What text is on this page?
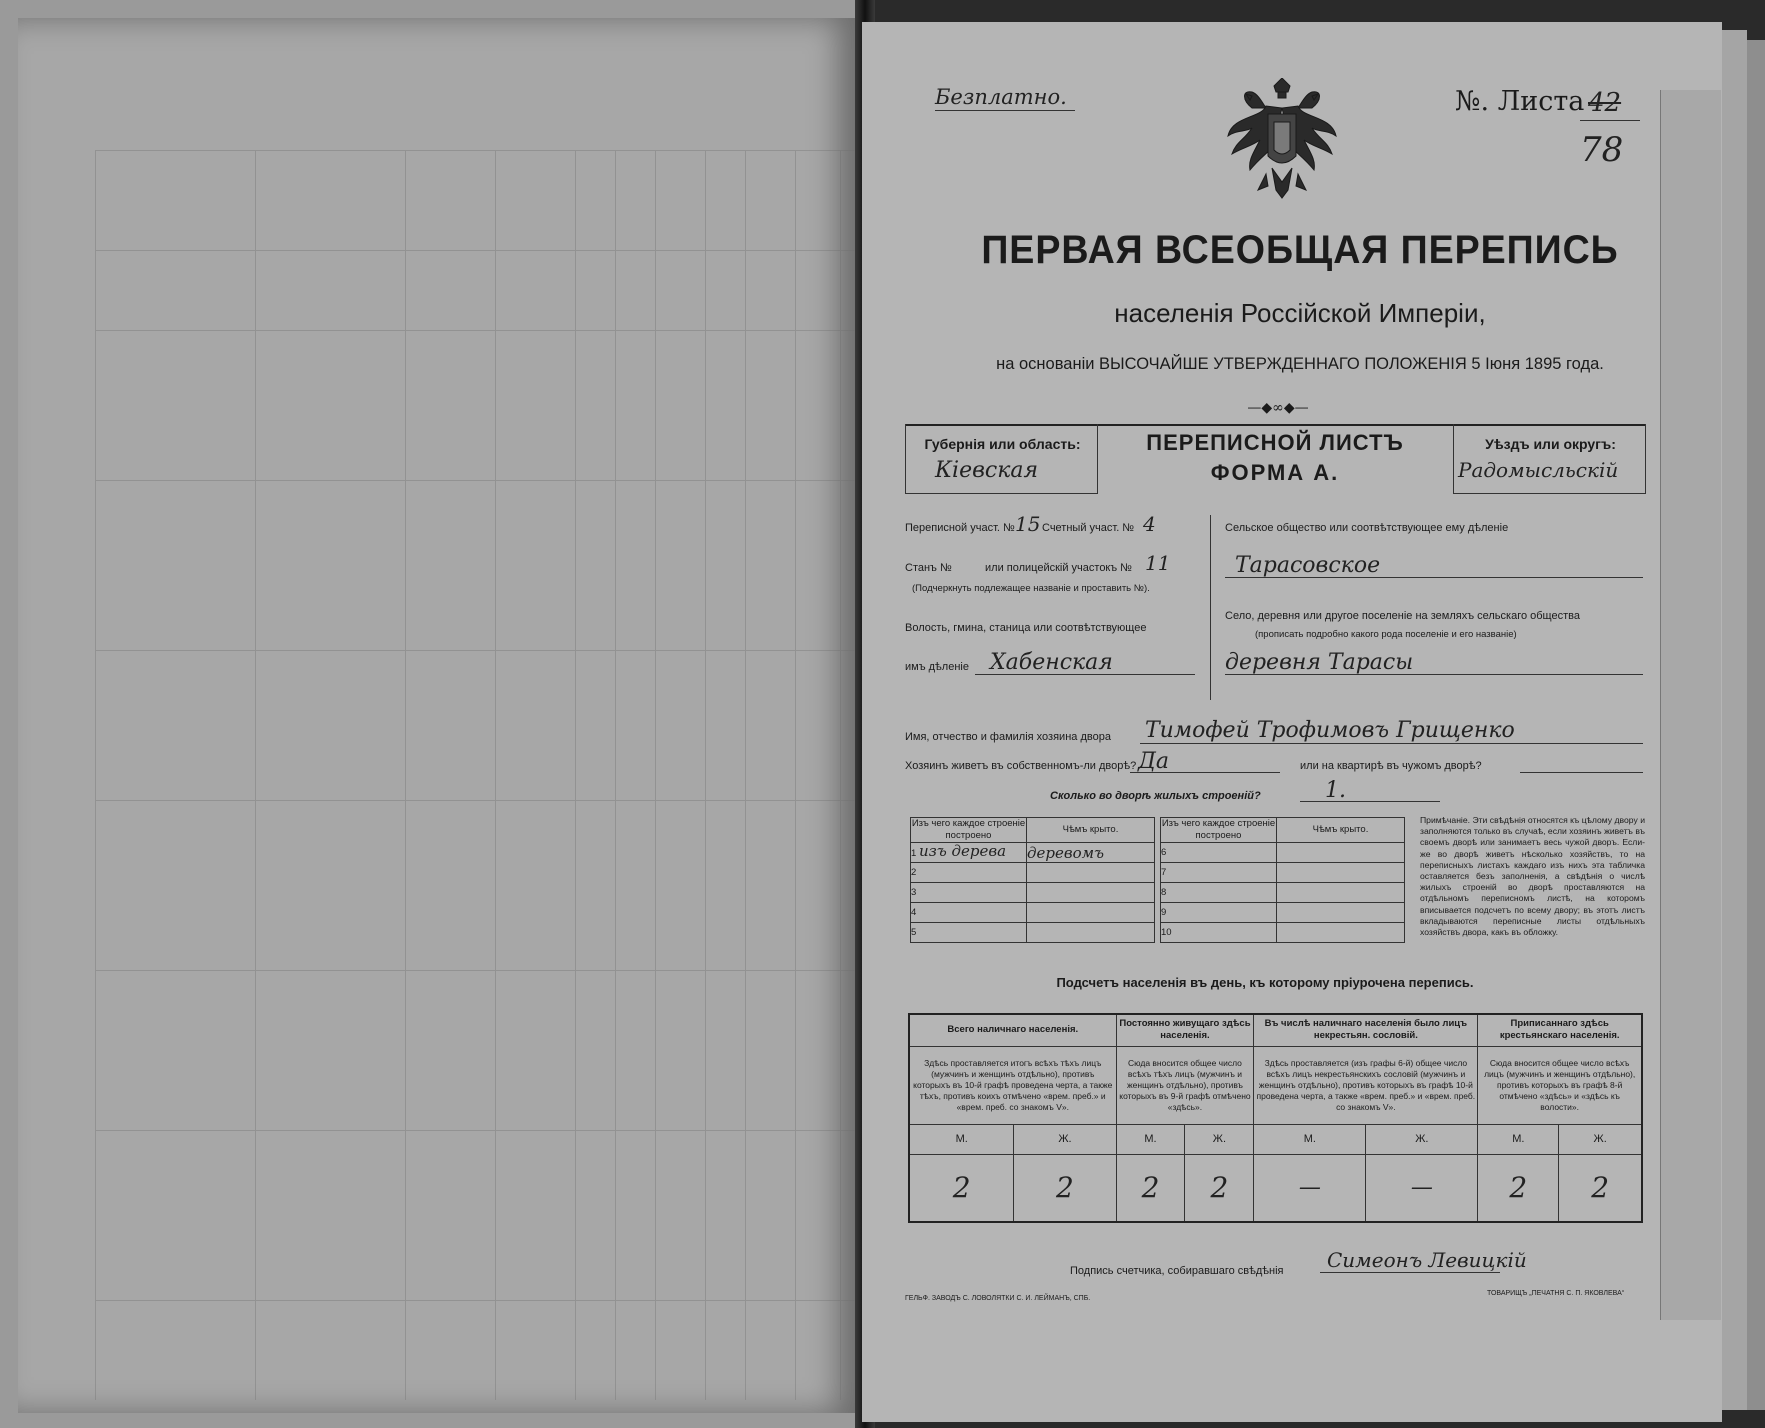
Безплатно.	№. Листа 42
78
ПЕРВАЯ ВСЕОБЩАЯ ПЕРЕПИСЬ
населенія Россійской Имперіи,
на основаніи ВЫСОЧАЙШЕ УТВЕРЖДЕННАГО ПОЛОЖЕНІЯ 5 Іюня 1895 года.
—◆∞◆—
Губернія или область:
Кіевская
ПЕРЕПИСНОЙ ЛИСТЪ
ФОРМА А.
Уѣздъ или округъ:
Радомысльскій
Переписной участ. № 15 Счетный участ. № 4
Станъ №	или полицейскій участокъ № 11
(Подчеркнуть подлежащее названіе и проставить №).
Волость, гмина, станица или соотвѣтствующее
имъ дѣленіе Хабенская
Сельское общество или соотвѣтствующее ему дѣленіе
Тарасовское
Село, деревня или другое поселеніе на земляхъ сельскаго общества
(прописать подробно какого рода поселеніе и его названіе)
деревня Тарасы
Имя, отчество и фамилія хозяина двора Тимофей Трофимовъ Грищенко
Хозяинъ живетъ въ собственномъ-ли дворѣ? Да	или на квартирѣ въ чужомъ дворѣ?
Сколько во дворѣ жилыхъ строеній?	1.
Изъ чего каждое строеніе построено	Чѣмъ крыто.
1 изъ дерева	деревомъ
2	
3	
4	
5	
Изъ чего каждое строеніе построено	Чѣмъ крыто.
6	
7	
8	
9	
10	
Примѣчаніе. Эти свѣдѣнія относятся къ цѣлому двору и заполняются только въ случаѣ, если хозяинъ живетъ въ своемъ дворѣ или занимаетъ весь чужой дворъ. Если-же во дворѣ живетъ нѣсколько хозяйствъ, то на переписныхъ листахъ каждаго изъ нихъ эта табличка оставляется безъ заполненія, а свѣдѣнія о числѣ жилыхъ строеній во дворѣ проставляются на отдѣльномъ переписномъ листѣ, на которомъ вписывается подсчетъ по всему двору; въ этотъ листъ вкладываются переписные листы отдѣльныхъ хозяйствъ двора, какъ въ обложку.
Подсчетъ населенія въ день, къ которому пріурочена перепись.
Всего наличнаго населенія.		Постоянно живущаго здѣсь населенія.		Въ числѣ наличнаго населенія было лицъ некрестьян. сословій.		Приписаннаго здѣсь крестьянскаго населенія.	
Здѣсь проставляется итогъ всѣхъ тѣхъ лицъ (мужчинъ и женщинъ отдѣльно), противъ которыхъ въ 10-й графѣ проведена черта, а также тѣхъ, противъ коихъ отмѣчено «врем. преб.» и «врем. преб. со знакомъ V».		Сюда вносится общее число всѣхъ тѣхъ лицъ (мужчинъ и женщинъ отдѣльно), противъ которыхъ въ 9-й графѣ отмѣчено «здѣсь».		Здѣсь проставляется (изъ графы 6-й) общее число всѣхъ лицъ некрестьянскихъ сословій (мужчинъ и женщинъ отдѣльно), противъ которыхъ въ графѣ 10-й проведена черта, а также «врем. преб.» и «врем. преб. со знакомъ V».		Сюда вносится общее число всѣхъ лицъ (мужчинъ и женщинъ отдѣльно), противъ которыхъ въ графѣ 8-й отмѣчено «здѣсь» и «здѣсь къ волости».	
М.	Ж.	М.	Ж.	М.	Ж.	М.	Ж.
2	2	2	2	—	—	2	2
Подпись счетчика, собиравшаго свѣдѣнія Симеонъ Левицкій
ГЕЛЬФ. ЗАВОДЪ С. ЛОВОЛЯТКИ С. И. ЛЕЙМАНЪ, СПБ.
ТОВАРИЩЪ „ПЕЧАТНЯ С. П. ЯКОВЛЕВА“
